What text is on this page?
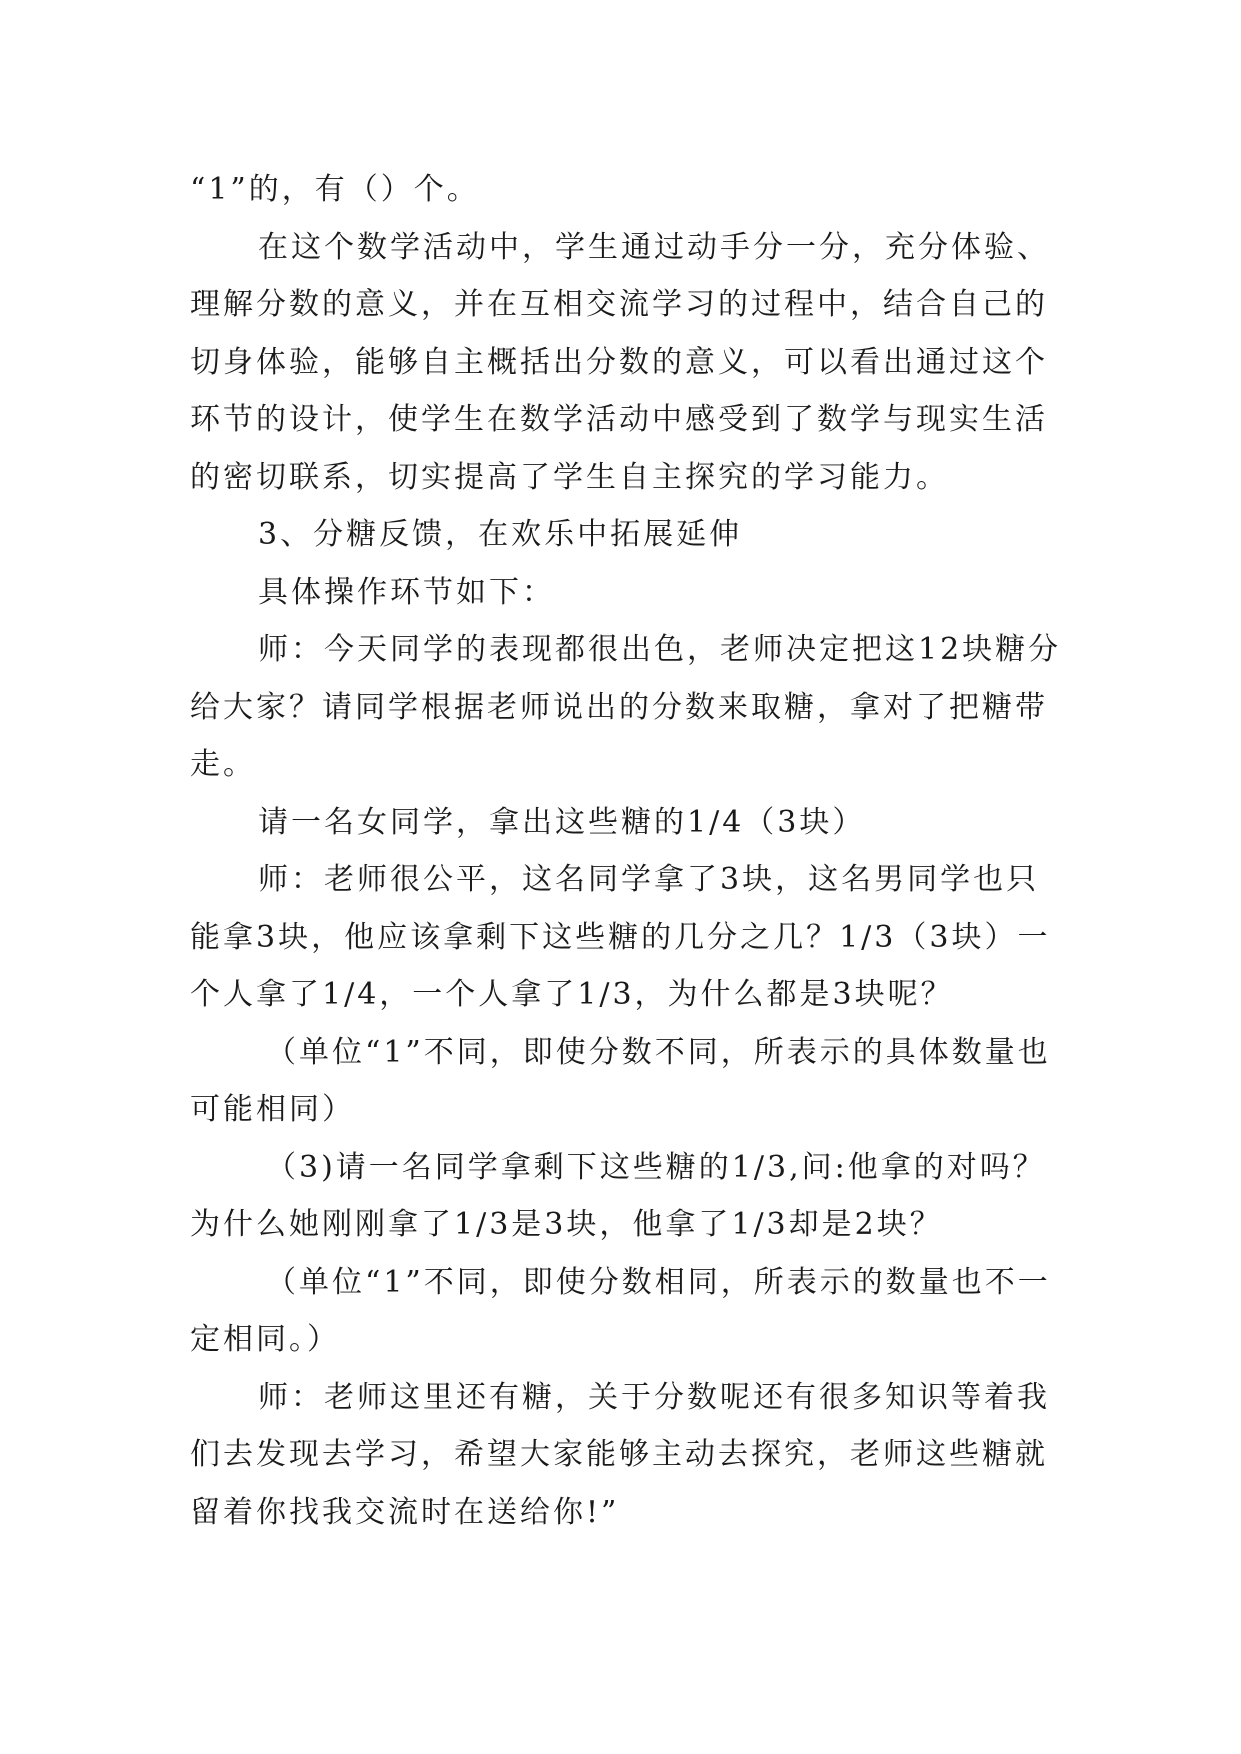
“1”的，有（）个。

在这个数学活动中，学生通过动手分一分，充分体验、理解分数的意义，并在互相交流学习的过程中，结合自己的切身体验，能够自主概括出分数的意义，可以看出通过这个环节的设计，使学生在数学活动中感受到了数学与现实生活的密切联系，切实提高了学生自主探究的学习能力。

3、分糖反馈，在欢乐中拓展延伸

具体操作环节如下：

师：今天同学的表现都很出色，老师决定把这12块糖分给大家？请同学根据老师说出的分数来取糖，拿对了把糖带走。

请一名女同学，拿出这些糖的1/4（3块）

师：老师很公平，这名同学拿了3块，这名男同学也只能拿3块，他应该拿剩下这些糖的几分之几？1/3（3块）一个人拿了1/4，一个人拿了1/3，为什么都是3块呢？

（单位“1”不同，即使分数不同，所表示的具体数量也可能相同）

（3)请一名同学拿剩下这些糖的1/3,问:他拿的对吗？为什么她刚刚拿了1/3是3块，他拿了1/3却是2块？

（单位“1”不同，即使分数相同，所表示的数量也不一定相同。）

师：老师这里还有糖，关于分数呢还有很多知识等着我们去发现去学习，希望大家能够主动去探究，老师这些糖就留着你找我交流时在送给你!”
